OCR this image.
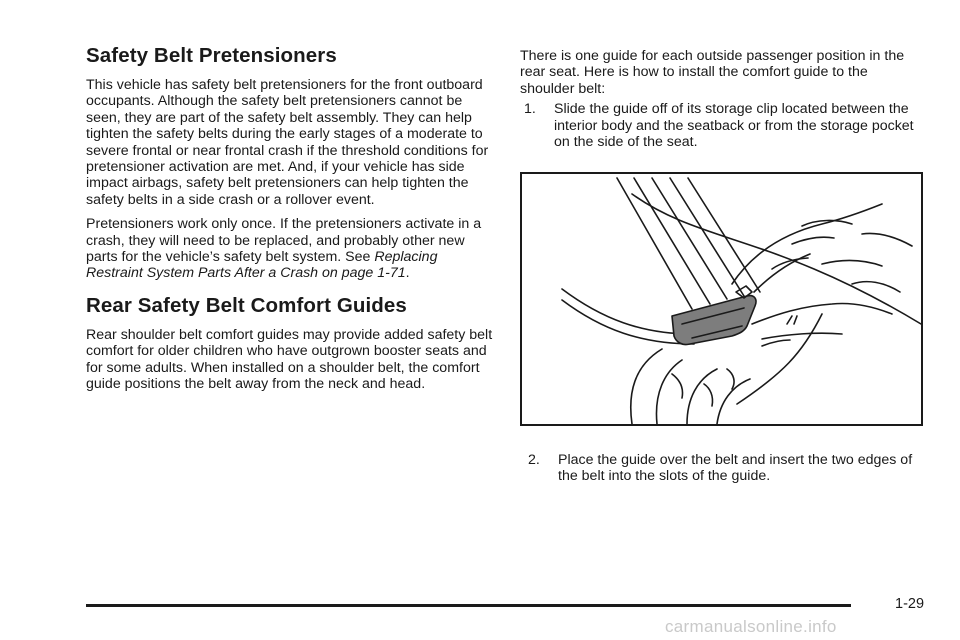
Safety Belt Pretensioners

This vehicle has safety belt pretensioners for the front outboard occupants. Although the safety belt pretensioners cannot be seen, they are part of the safety belt assembly. They can help tighten the safety belts during the early stages of a moderate to severe frontal or near frontal crash if the threshold conditions for pretensioner activation are met. And, if your vehicle has side impact airbags, safety belt pretensioners can help tighten the safety belts in a side crash or a rollover event.

Pretensioners work only once. If the pretensioners activate in a crash, they will need to be replaced, and probably other new parts for the vehicle’s safety belt system. See Replacing Restraint System Parts After a Crash on page 1-71.

Rear Safety Belt Comfort Guides

Rear shoulder belt comfort guides may provide added safety belt comfort for older children who have outgrown booster seats and for some adults. When installed on a shoulder belt, the comfort guide positions the belt away from the neck and head.

There is one guide for each outside passenger position in the rear seat. Here is how to install the comfort guide to the shoulder belt:

1. Slide the guide off of its storage clip located between the interior body and the seatback or from the storage pocket on the side of the seat.
2. Place the guide over the belt and insert the two edges of the belt into the slots of the guide.
1-29
carmanualsonline.info
